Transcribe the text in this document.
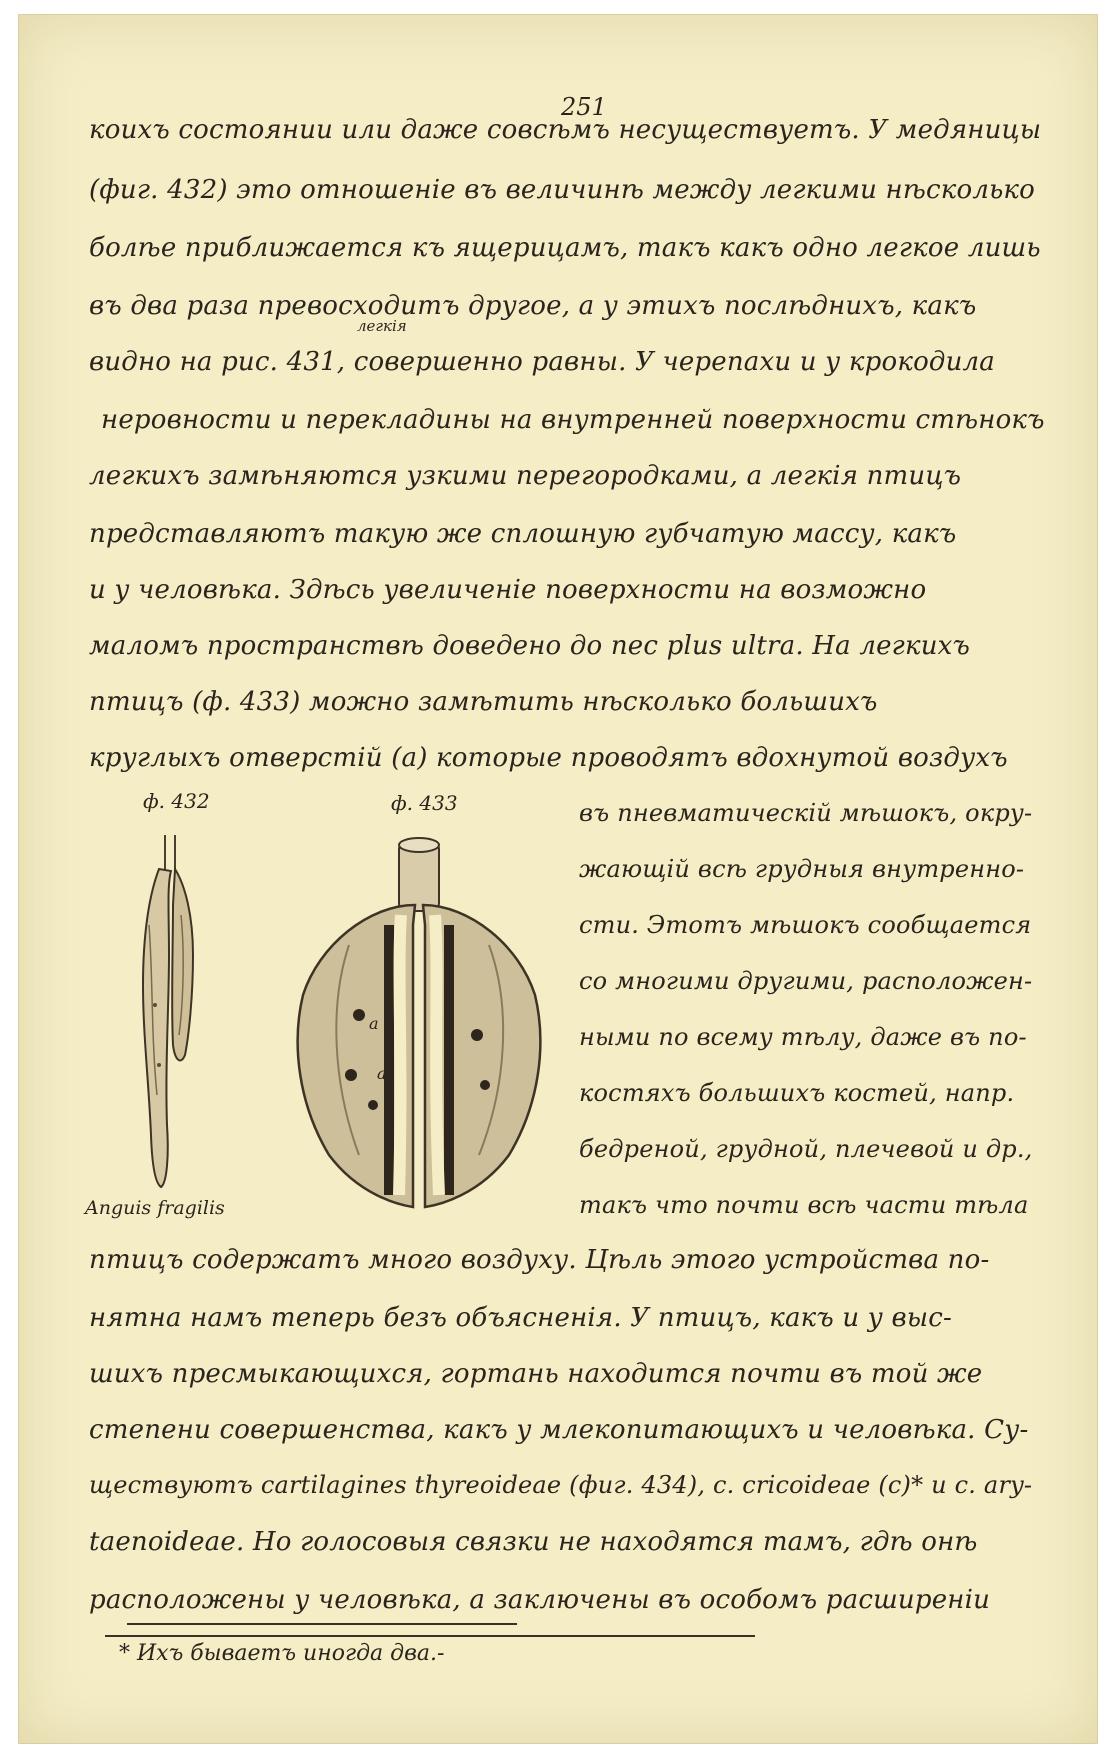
251
коихъ состоянии или даже совсѣмъ несуществуетъ. У медяницы
(фиг. 432) это отношенiе въ величинѣ между легкими нѣсколько
болѣе приближается къ ящерицамъ, такъ какъ одно легкое лишь
въ два раза превосходитъ другое, а у этихъ послѣднихъ, какъ
легкiя
видно на рис. 431, совершенно равны. У черепахи и у крокодила
неровности и перекладины на внутренней поверхности стѣнокъ
легкихъ замѣняются узкими перегородками, а легкiя птицъ
представляютъ такую же сплошную губчатую массу, какъ
и у человѣка. Здѣсь увеличенiе поверхности на возможно
маломъ пространствѣ доведено до nec plus ultra. На легкихъ
птицъ (ф. 433) можно замѣтить нѣсколько большихъ
круглыхъ отверстiй (а) которые проводятъ вдохнутой воздухъ
ф. 432	ф. 433
a
a
въ пневматическiй мѣшокъ, окру-
жающiй всѣ грудныя внутренно-
сти. Этотъ мѣшокъ сообщается
со многими другими, расположен-
ными по всему тѣлу, даже въ по-
костяхъ большихъ костей, напр.
бедреной, грудной, плечевой и др.,
такъ что почти всѣ части тѣла
Anguis fragilis
птицъ содержатъ много воздуху. Цѣль этого устройства по-
нятна намъ теперь безъ объясненiя. У птицъ, какъ и у выс-
шихъ пресмыкающихся, гортань находится почти въ той же
степени совершенства, какъ у млекопитающихъ и человѣка. Су-
ществуютъ cartilagines thyreoideae (фиг. 434), c. cricoideae (c)* и c. ary-
taenoideae. Но голосовыя связки не находятся тамъ, гдѣ онѣ
расположены у человѣка, а заключены въ особомъ расширенiи
* Ихъ бываетъ иногда два.-
